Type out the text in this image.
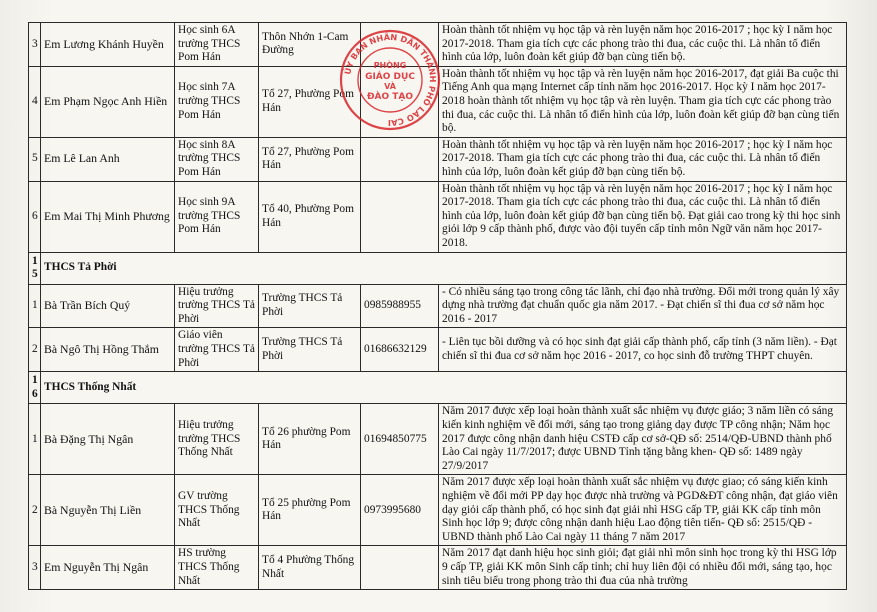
3	Em Lương Khánh Huyền	Học sinh 6A trường THCS Pom Hán	Thôn Nhớn 1-Cam Đường		Hoàn thành tốt nhiệm vụ học tập và rèn luyện năm học 2016-2017 ; học kỳ I năm học 2017-2018. Tham gia tích cực các phong trào thi đua, các cuộc thi. Là nhân tố điển hình của lớp, luôn đoàn kết giúp đỡ bạn cùng tiến bộ.
4	Em Phạm Ngọc Anh Hiền	Học sinh 7A trường THCS Pom Hán	Tổ 27, Phường Pom Hán		Hoàn thành tốt nhiệm vụ học tập và rèn luyện năm học 2016-2017, đạt giải Ba cuộc thi Tiếng Anh qua mạng Internet cấp tỉnh năm học 2016-2017. Học kỳ I năm học 2017-2018 hoàn thành tốt nhiệm vụ học tập và rèn luyện. Tham gia tích cực các phong trào thi đua, các cuộc thi. Là nhân tố điển hình của lớp, luôn đoàn kết giúp đỡ bạn cùng tiến bộ.
5	Em Lê Lan Anh	Học sinh 8A trường THCS Pom Hán	Tổ 27, Phường Pom Hán		Hoàn thành tốt nhiệm vụ học tập và rèn luyện năm học 2016-2017 ; học kỳ I năm học 2017-2018. Tham gia tích cực các phong trào thi đua, các cuộc thi. Là nhân tố điển hình của lớp, luôn đoàn kết giúp đỡ bạn cùng tiến bộ.
6	Em Mai Thị Minh Phương	Học sinh 9A trường THCS Pom Hán	Tổ 40, Phường Pom Hán		Hoàn thành tốt nhiệm vụ học tập và rèn luyện năm học 2016-2017 ; học kỳ I năm học 2017-2018. Tham gia tích cực các phong trào thi đua, các cuộc thi. Là nhân tố điển hình của lớp, luôn đoàn kết giúp đỡ bạn cùng tiến bộ. Đạt giải cao trong kỳ thi học sinh giỏi lớp 9 cấp thành phố, được vào đội tuyển cấp tỉnh môn Ngữ văn năm học 2017-2018.
15	THCS Tả Phời				
1	Bà Trần Bích Quý	Hiệu trưởng trường THCS Tả Phời	Trường THCS Tả Phời	0985988955	- Có nhiều sáng tạo trong công tác lãnh, chỉ đạo nhà trường. Đổi mới trong quản lý xây dựng nhà trường đạt chuẩn quốc gia năm 2017. - Đạt chiến sĩ thi đua cơ sở năm học 2016 - 2017
2	Bà Ngô Thị Hồng Thắm	Giáo viên trường THCS Tả Phời	Trường THCS Tả Phời	01686632129	- Liên tục bồi dưỡng và có học sinh đạt giải cấp thành phố, cấp tỉnh (3 năm liền). - Đạt chiến sĩ thi đua cơ sở năm học 2016 - 2017, co học sinh đỗ trường THPT chuyên.
16	THCS Thống Nhất				
1	Bà Đặng Thị Ngân	Hiệu trưởng trường THCS Thống Nhất	Tổ 26 phường Pom Hán	01694850775	Năm 2017 được xếp loại hoàn thành xuất sắc nhiệm vụ được giáo; 3 năm liền có sáng kiến kinh nghiệm về đổi mới, sáng tạo trong giảng dạy được TP công nhận; Năm học 2017 được công nhận danh hiệu CSTĐ cấp cơ sở-QĐ số: 2514/QĐ-UBND thành phố Lào Cai ngày 11/7/2017; được UBND Tỉnh tặng bằng khen- QĐ số: 1489 ngày 27/9/2017
2	Bà Nguyễn Thị Liền	GV trường THCS Thống Nhất	Tổ 25 phường Pom Hán	0973995680	Năm 2017 được xếp loại hoàn thành xuất sắc nhiệm vụ được giao; có sáng kiến kinh nghiệm về đổi mới PP dạy học được nhà trường và PGD&ĐT công nhận, đạt giáo viên dạy giỏi cấp thành phố, có học sinh đạt giải nhì HSG cấp TP, giải KK cấp tỉnh môn Sinh học lớp 9; được công nhận danh hiệu Lao động tiên tiến- QĐ số: 2515/QĐ - UBND thành phố Lào Cai ngày 11 tháng 7 năm 2017
3	Em Nguyễn Thị Ngân	HS trường THCS Thống Nhất	Tổ 4 Phường Thống Nhất		Năm 2017 đạt danh hiệu học sinh giỏi; đạt giải nhì môn sinh học trong kỳ thi HSG lớp 9 cấp TP, giải KK môn Sinh cấp tỉnh; chỉ huy liên đội có nhiều đổi mới, sáng tạo, học sinh tiêu biểu trong phong trào thi đua của nhà trường
ỦY BAN NHÂN DÂN THÀNH PHỐ LÀO CAI
PHÒNG
GIÁO DỤC
VÀ
ĐÀO TẠO
